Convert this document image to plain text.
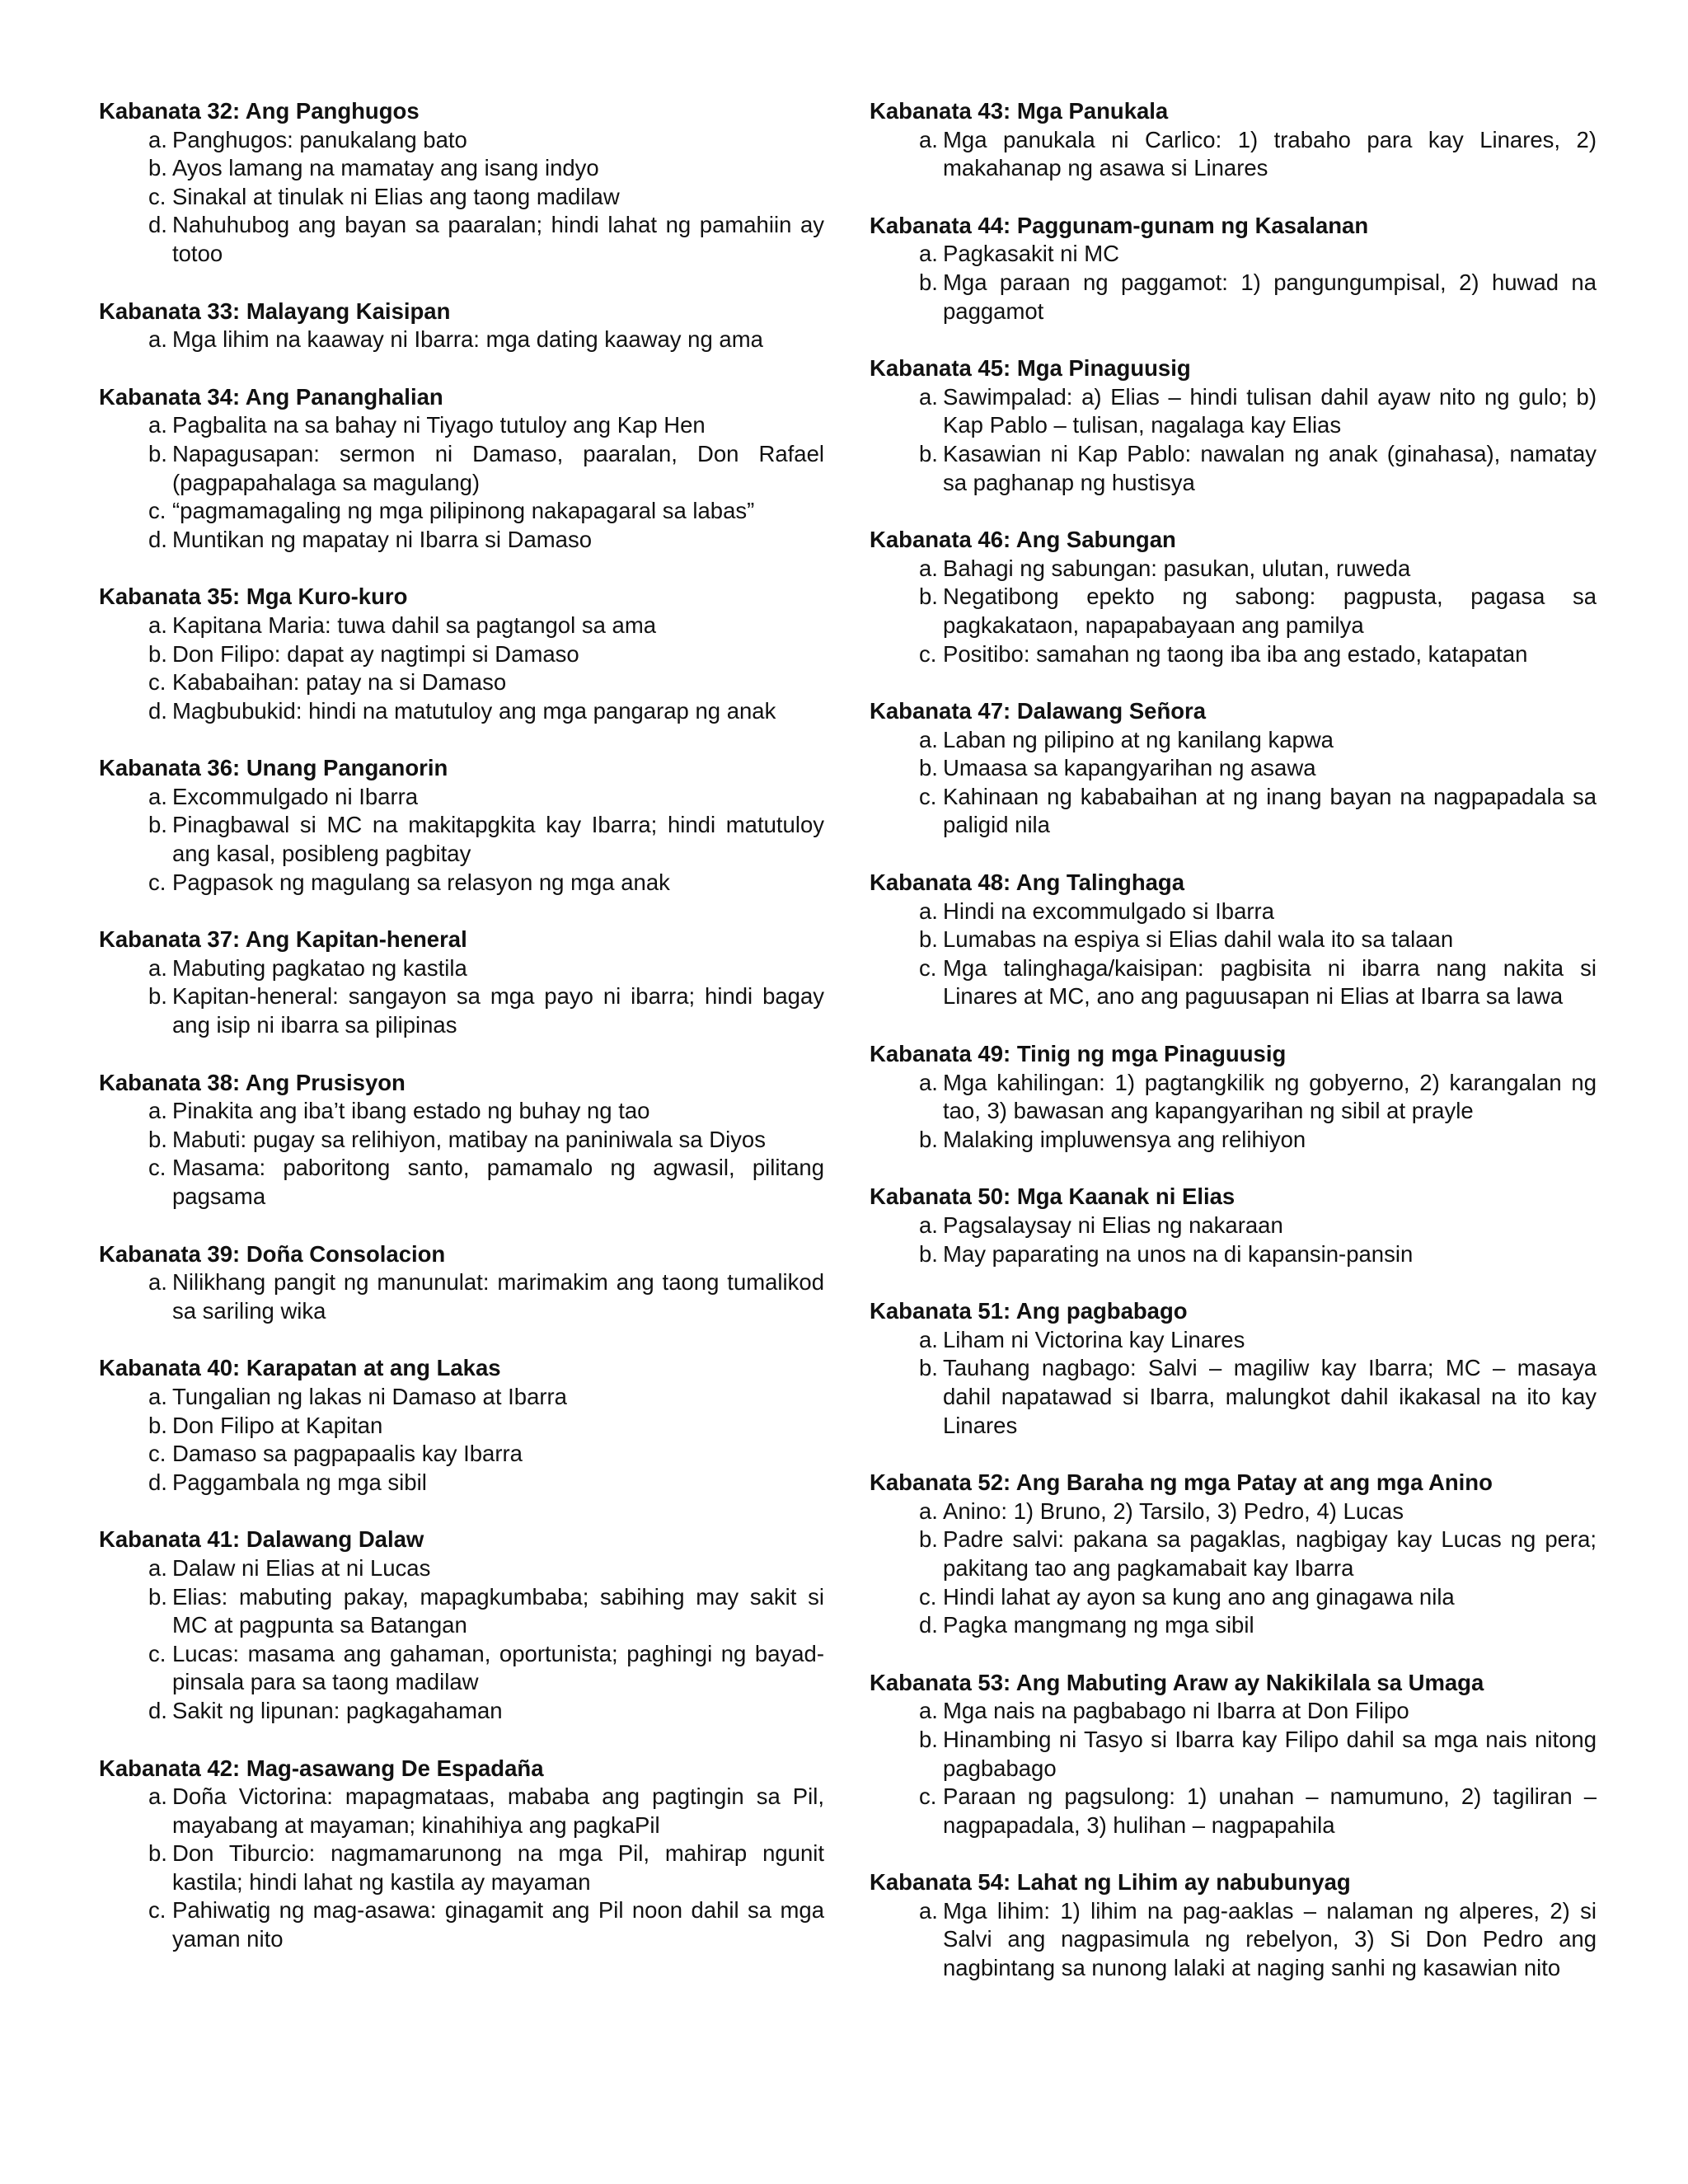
Kabanata 32: Ang Panghugos
a. Panghugos: panukalang bato
b. Ayos lamang na mamatay ang isang indyo
c. Sinakal at tinulak ni Elias ang taong madilaw
d. Nahuhubog ang bayan sa paaralan; hindi lahat ng pamahiin ay totoo
Kabanata 33: Malayang Kaisipan
a. Mga lihim na kaaway ni Ibarra: mga dating kaaway ng ama
Kabanata 34: Ang Pananghalian
a. Pagbalita na sa bahay ni Tiyago tutuloy ang Kap Hen
b. Napagusapan: sermon ni Damaso, paaralan, Don Rafael (pagpapahalaga sa magulang)
c. “pagmamagaling ng mga pilipinong nakapagaral sa labas”
d. Muntikan ng mapatay ni Ibarra si Damaso
Kabanata 35: Mga Kuro-kuro
a. Kapitana Maria: tuwa dahil sa pagtangol sa ama
b. Don Filipo: dapat ay nagtimpi si Damaso
c. Kababaihan: patay na si Damaso
d. Magbubukid: hindi na matutuloy ang mga pangarap ng anak
Kabanata 36: Unang Panganorin
a. Excommulgado ni Ibarra
b. Pinagbawal si MC na makitapgkita kay Ibarra; hindi matutuloy ang kasal, posibleng pagbitay
c. Pagpasok ng magulang sa relasyon ng mga anak
Kabanata 37: Ang Kapitan-heneral
a. Mabuting pagkatao ng kastila
b. Kapitan-heneral: sangayon sa mga payo ni ibarra; hindi bagay ang isip ni ibarra sa pilipinas
Kabanata 38: Ang Prusisyon
a. Pinakita ang iba’t ibang estado ng buhay ng tao
b. Mabuti: pugay sa relihiyon, matibay na paniniwala sa Diyos
c. Masama: paboritong santo, pamamalo ng agwasil, pilitang pagsama
Kabanata 39: Doña Consolacion
a. Nilikhang pangit ng manunulat: marimakim ang taong tumalikod sa sariling wika
Kabanata 40: Karapatan at ang Lakas
a. Tungalian ng lakas ni Damaso at Ibarra
b. Don Filipo at Kapitan
c. Damaso sa pagpapaalis kay Ibarra
d. Paggambala ng mga sibil
Kabanata 41: Dalawang Dalaw
a. Dalaw ni Elias at ni Lucas
b. Elias: mabuting pakay, mapagkumbaba; sabihing may sakit si MC at pagpunta sa Batangan
c. Lucas: masama ang gahaman, oportunista; paghingi ng bayad-pinsala para sa taong madilaw
d. Sakit ng lipunan: pagkagahaman
Kabanata 42: Mag-asawang De Espadaña
a. Doña Victorina: mapagmataas, mababa ang pagtingin sa Pil, mayabang at mayaman; kinahihiya ang pagkaPil
b. Don Tiburcio: nagmamarunong na mga Pil, mahirap ngunit kastila; hindi lahat ng kastila ay mayaman
c. Pahiwatig ng mag-asawa: ginagamit ang Pil noon dahil sa mga yaman nito
Kabanata 43: Mga Panukala
a. Mga panukala ni Carlico: 1) trabaho para kay Linares, 2) makahanap ng asawa si Linares
Kabanata 44: Paggunam-gunam ng Kasalanan
a. Pagkasakit ni MC
b. Mga paraan ng paggamot: 1) pangungumpisal, 2) huwad na paggamot
Kabanata 45: Mga Pinaguusig
a. Sawimpalad: a) Elias – hindi tulisan dahil ayaw nito ng gulo; b) Kap Pablo – tulisan, nagalaga kay Elias
b. Kasawian ni Kap Pablo: nawalan ng anak (ginahasa), namatay sa paghanap ng hustisya
Kabanata 46: Ang Sabungan
a. Bahagi ng sabungan: pasukan, ulutan, ruweda
b. Negatibong epekto ng sabong: pagpusta, pagasa sa pagkakataon, napapabayaan ang pamilya
c. Positibo: samahan ng taong iba iba ang estado, katapatan
Kabanata 47: Dalawang Señora
a. Laban ng pilipino at ng kanilang kapwa
b. Umaasa sa kapangyarihan ng asawa
c. Kahinaan ng kababaihan at ng inang bayan na nagpapadala sa paligid nila
Kabanata 48: Ang Talinghaga
a. Hindi na excommulgado si Ibarra
b. Lumabas na espiya si Elias dahil wala ito sa talaan
c. Mga talinghaga/kaisipan: pagbisita ni ibarra nang nakita si Linares at MC, ano ang paguusapan ni Elias at Ibarra sa lawa
Kabanata 49: Tinig ng mga Pinaguusig
a. Mga kahilingan: 1) pagtangkilik ng gobyerno, 2) karangalan ng tao, 3) bawasan ang kapangyarihan ng sibil at prayle
b. Malaking impluwensya ang relihiyon
Kabanata 50: Mga Kaanak ni Elias
a. Pagsalaysay ni Elias ng nakaraan
b. May paparating na unos na di kapansin-pansin
Kabanata 51: Ang pagbabago
a. Liham ni Victorina kay Linares
b. Tauhang nagbago: Salvi – magiliw kay Ibarra; MC – masaya dahil napatawad si Ibarra, malungkot dahil ikakasal na ito kay Linares
Kabanata 52: Ang Baraha ng mga Patay at ang mga Anino
a. Anino: 1) Bruno, 2) Tarsilo, 3) Pedro, 4) Lucas
b. Padre salvi: pakana sa pagaklas, nagbigay kay Lucas ng pera; pakitang tao ang pagkamabait kay Ibarra
c. Hindi lahat ay ayon sa kung ano ang ginagawa nila
d. Pagka mangmang ng mga sibil
Kabanata 53: Ang Mabuting Araw ay Nakikilala sa Umaga
a. Mga nais na pagbabago ni Ibarra at Don Filipo
b. Hinambing ni Tasyo si Ibarra kay Filipo dahil sa mga nais nitong pagbabago
c. Paraan ng pagsulong: 1) unahan – namumuno, 2) tagiliran – nagpapadala, 3) hulihan – nagpapahila
Kabanata 54: Lahat ng Lihim ay nabubunyag
a. Mga lihim: 1) lihim na pag-aaklas – nalaman ng alperes, 2) si Salvi ang nagpasimula ng rebelyon, 3) Si Don Pedro ang nagbintang sa nunong lalaki at naging sanhi ng kasawian nito
